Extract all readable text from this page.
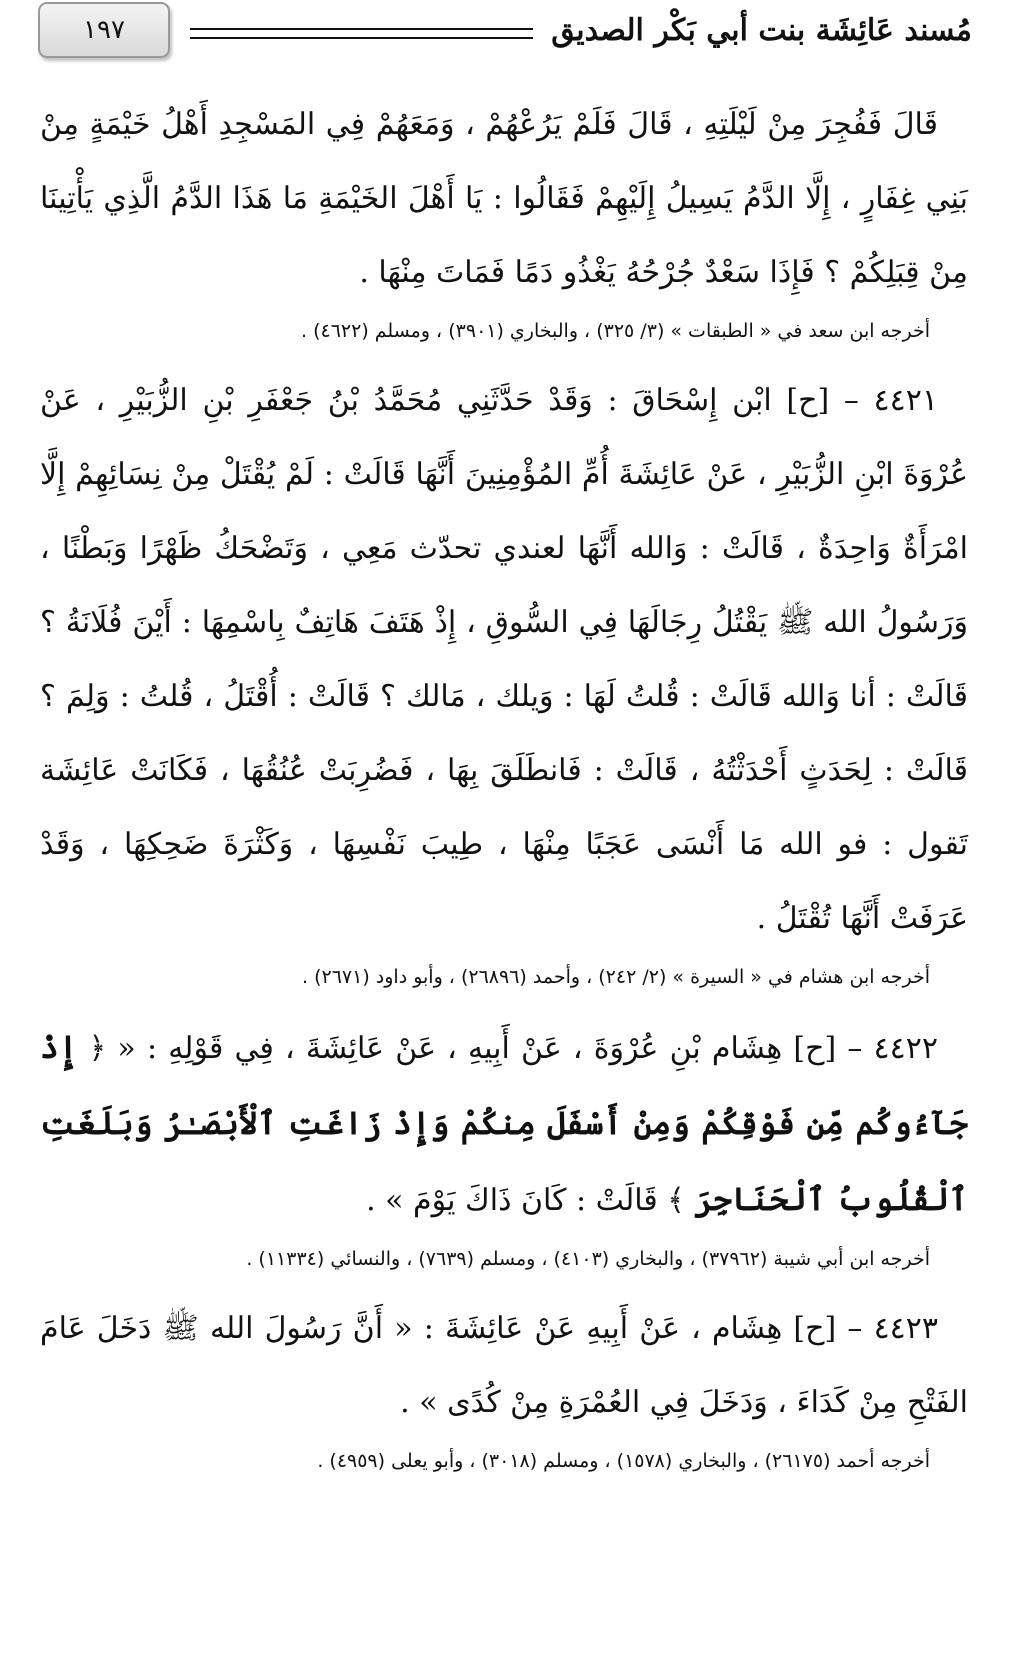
مُسند عَائِشَة بنت أبي بَكْر الصديق
١٩٧

قَالَ فَفُجِرَ مِنْ لَيْلَتِهِ ، قَالَ فَلَمْ يَرُعْهُمْ ، وَمَعَهُمْ فِي المَسْجِدِ أَهْلُ خَيْمَةٍ مِنْ بَنِي غِفَارٍ ، إِلَّا الدَّمُ يَسِيلُ إِلَيْهِمْ فَقَالُوا : يَا أَهْلَ الخَيْمَةِ مَا هَذَا الدَّمُ الَّذِي يَأْتِينَا مِنْ قِبَلِكُمْ ؟ فَإِذَا سَعْدٌ جُرْحُهُ يَغْذُو دَمًا فَمَاتَ مِنْهَا .

أخرجه ابن سعد في « الطبقات » (٣/ ٣٢٥) ، والبخاري (٣٩٠١) ، ومسلم (٤٦٢٢) .

٤٤٢١ – [ح] ابْن إِسْحَاقَ : وَقَدْ حَدَّثَنِي مُحَمَّدُ بْنُ جَعْفَرِ بْنِ الزُّبَيْرِ ، عَنْ عُرْوَةَ ابْنِ الزُّبَيْرِ ، عَنْ عَائِشَةَ أُمِّ المُؤْمِنِينَ أَنَّهَا قَالَتْ : لَمْ يُقْتَلْ مِنْ نِسَائِهِمْ إِلَّا امْرَأَةٌ وَاحِدَةٌ ، قَالَتْ : وَالله أَنَّهَا لعندي تحدّث مَعِي ، وَتَضْحَكُ ظَهْرًا وَبَطْنًا ، وَرَسُولُ الله ﷺ يَقْتُلُ رِجَالَهَا فِي السُّوقِ ، إِذْ هَتَفَ هَاتِفٌ بِاسْمِهَا : أَيْنَ فُلَانَةُ ؟ قَالَتْ : أنا وَالله قَالَتْ : قُلتُ لَهَا : وَيلك ، مَالك ؟ قَالَتْ : أُقْتَلُ ، قُلتُ : وَلِمَ ؟ قَالَتْ : لِحَدَثٍ أَحْدَثْتُهُ ، قَالَتْ : فَانطَلَقَ بِهَا ، فَضُرِبَتْ عُنُقُهَا ، فَكَانَتْ عَائِشَة تَقول : فو الله مَا أَنْسَى عَجَبًا مِنْهَا ، طِيبَ نَفْسِهَا ، وَكَثْرَةَ ضَحِكِهَا ، وَقَدْ عَرَفَتْ أَنَّهَا تُقْتَلُ .

أخرجه ابن هشام في « السيرة » (٢/ ٢٤٢) ، وأحمد (٢٦٨٩٦) ، وأبو داود (٢٦٧١) .

٤٤٢٢ – [ح] هِشَام بْنِ عُرْوَةَ ، عَنْ أَبِيهِ ، عَنْ عَائِشَةَ ، فِي قَوْلِهِ : « ﴿ إِذْ جَآءُوكُم مِّن فَوْقِكُمْ وَمِنْ أَسْفَلَ مِنكُمْ وَإِذْ زَاغَتِ ٱلْأَبْصَـٰرُ وَبَلَغَتِ ٱلْقُلُوبُ ٱلْحَنَاجِرَ ﴾ قَالَتْ : كَانَ ذَاكَ يَوْمَ » .

أخرجه ابن أبي شيبة (٣٧٩٦٢) ، والبخاري (٤١٠٣) ، ومسلم (٧٦٣٩) ، والنسائي (١١٣٣٤) .

٤٤٢٣ – [ح] هِشَام ، عَنْ أَبِيهِ عَنْ عَائِشَةَ : « أَنَّ رَسُولَ الله ﷺ دَخَلَ عَامَ الفَتْحِ مِنْ كَدَاءَ ، وَدَخَلَ فِي العُمْرَةِ مِنْ كُدًى » .

أخرجه أحمد (٢٦١٧٥) ، والبخاري (١٥٧٨) ، ومسلم (٣٠١٨) ، وأبو يعلى (٤٩٥٩) .
